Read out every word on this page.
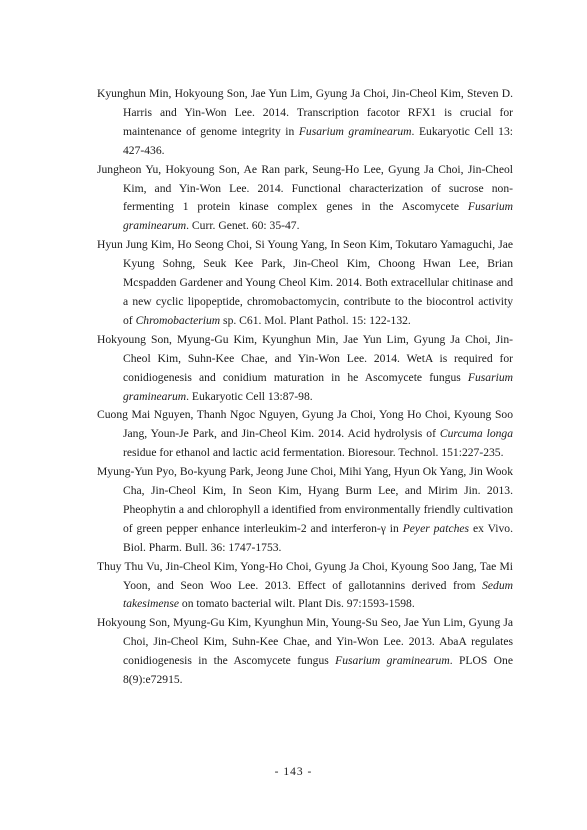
Kyunghun Min, Hokyoung Son, Jae Yun Lim, Gyung Ja Choi, Jin-Cheol Kim, Steven D. Harris and Yin-Won Lee. 2014. Transcription facotor RFX1 is crucial for maintenance of genome integrity in Fusarium graminearum. Eukaryotic Cell 13: 427-436.

Jungheon Yu, Hokyoung Son, Ae Ran park, Seung-Ho Lee, Gyung Ja Choi, Jin-Cheol Kim, and Yin-Won Lee. 2014. Functional characterization of sucrose non-fermenting 1 protein kinase complex genes in the Ascomycete Fusarium graminearum. Curr. Genet. 60: 35-47.

Hyun Jung Kim, Ho Seong Choi, Si Young Yang, In Seon Kim, Tokutaro Yamaguchi, Jae Kyung Sohng, Seuk Kee Park, Jin-Cheol Kim, Choong Hwan Lee, Brian Mcspadden Gardener and Young Cheol Kim. 2014. Both extracellular chitinase and a new cyclic lipopeptide, chromobactomycin, contribute to the biocontrol activity of Chromobacterium sp. C61. Mol. Plant Pathol. 15: 122-132.

Hokyoung Son, Myung-Gu Kim, Kyunghun Min, Jae Yun Lim, Gyung Ja Choi, Jin-Cheol Kim, Suhn-Kee Chae, and Yin-Won Lee. 2014. WetA is required for conidiogenesis and conidium maturation in he Ascomycete fungus Fusarium graminearum. Eukaryotic Cell 13:87-98.

Cuong Mai Nguyen, Thanh Ngoc Nguyen, Gyung Ja Choi, Yong Ho Choi, Kyoung Soo Jang, Youn-Je Park, and Jin-Cheol Kim. 2014. Acid hydrolysis of Curcuma longa residue for ethanol and lactic acid fermentation. Bioresour. Technol. 151:227-235.

Myung-Yun Pyo, Bo-kyung Park, Jeong June Choi, Mihi Yang, Hyun Ok Yang, Jin Wook Cha, Jin-Cheol Kim, In Seon Kim, Hyang Burm Lee, and Mirim Jin. 2013. Pheophytin a and chlorophyll a identified from environmentally friendly cultivation of green pepper enhance interleukim-2 and interferon-γ in Peyer patches ex Vivo. Biol. Pharm. Bull. 36: 1747-1753.

Thuy Thu Vu, Jin-Cheol Kim, Yong-Ho Choi, Gyung Ja Choi, Kyoung Soo Jang, Tae Mi Yoon, and Seon Woo Lee. 2013. Effect of gallotannins derived from Sedum takesimense on tomato bacterial wilt. Plant Dis. 97:1593-1598.

Hokyoung Son, Myung-Gu Kim, Kyunghun Min, Young-Su Seo, Jae Yun Lim, Gyung Ja Choi, Jin-Cheol Kim, Suhn-Kee Chae, and Yin-Won Lee. 2013. AbaA regulates conidiogenesis in the Ascomycete fungus Fusarium graminearum. PLOS One 8(9):e72915.

- 143 -
